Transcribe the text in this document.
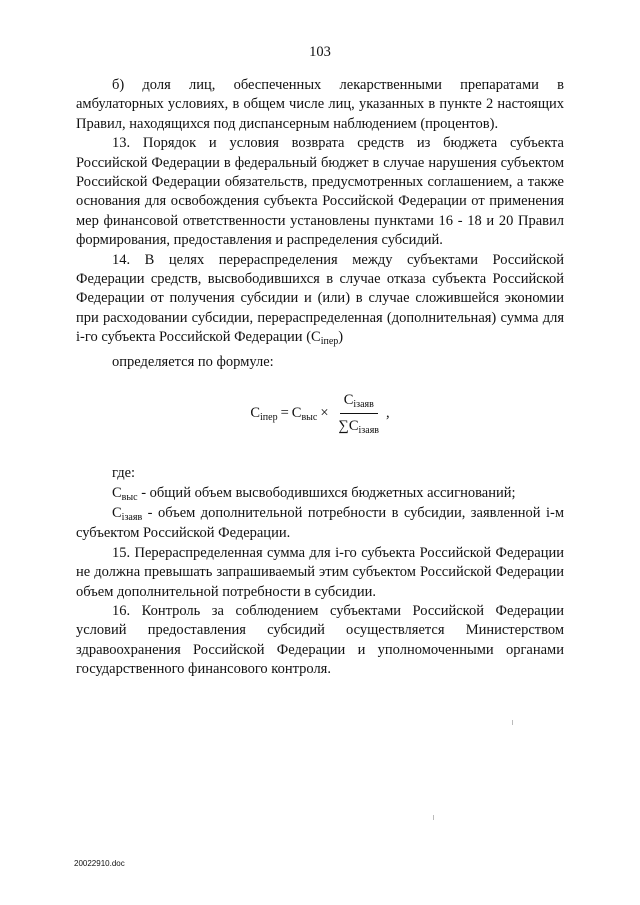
103

б) доля лиц, обеспеченных лекарственными препаратами в амбулаторных условиях, в общем числе лиц, указанных в пункте 2 настоящих Правил, находящихся под диспансерным наблюдением (процентов).

13. Порядок и условия возврата средств из бюджета субъекта Российской Федерации в федеральный бюджет в случае нарушения субъектом Российской Федерации обязательств, предусмотренных соглашением, а также основания для освобождения субъекта Российской Федерации от применения мер финансовой ответственности установлены пунктами 16 - 18 и 20 Правил формирования, предоставления и распределения субсидий.

14. В целях перераспределения между субъектами Российской Федерации средств, высвободившихся в случае отказа субъекта Российской Федерации от получения субсидии и (или) в случае сложившейся экономии при расходовании субсидии, перераспределенная (дополнительная) сумма для i-го субъекта Российской Федерации $(С_{iпер})$

определяется по формуле:

$С_{iпер} = С_{выс} \times \frac{С_{iзаяв}}{\sum С_{iзаяв}}$ ,

где:

$С_{выс}$ - общий объем высвободившихся бюджетных ассигнований;

$С_{iзаяв}$ - объем дополнительной потребности в субсидии, заявленной i-м субъектом Российской Федерации.

15. Перераспределенная сумма для i-го субъекта Российской Федерации не должна превышать запрашиваемый этим субъектом Российской Федерации объем дополнительной потребности в субсидии.

16. Контроль за соблюдением субъектами Российской Федерации условий предоставления субсидий осуществляется Министерством здравоохранения Российской Федерации и уполномоченными органами государственного финансового контроля.

20022910.doc
